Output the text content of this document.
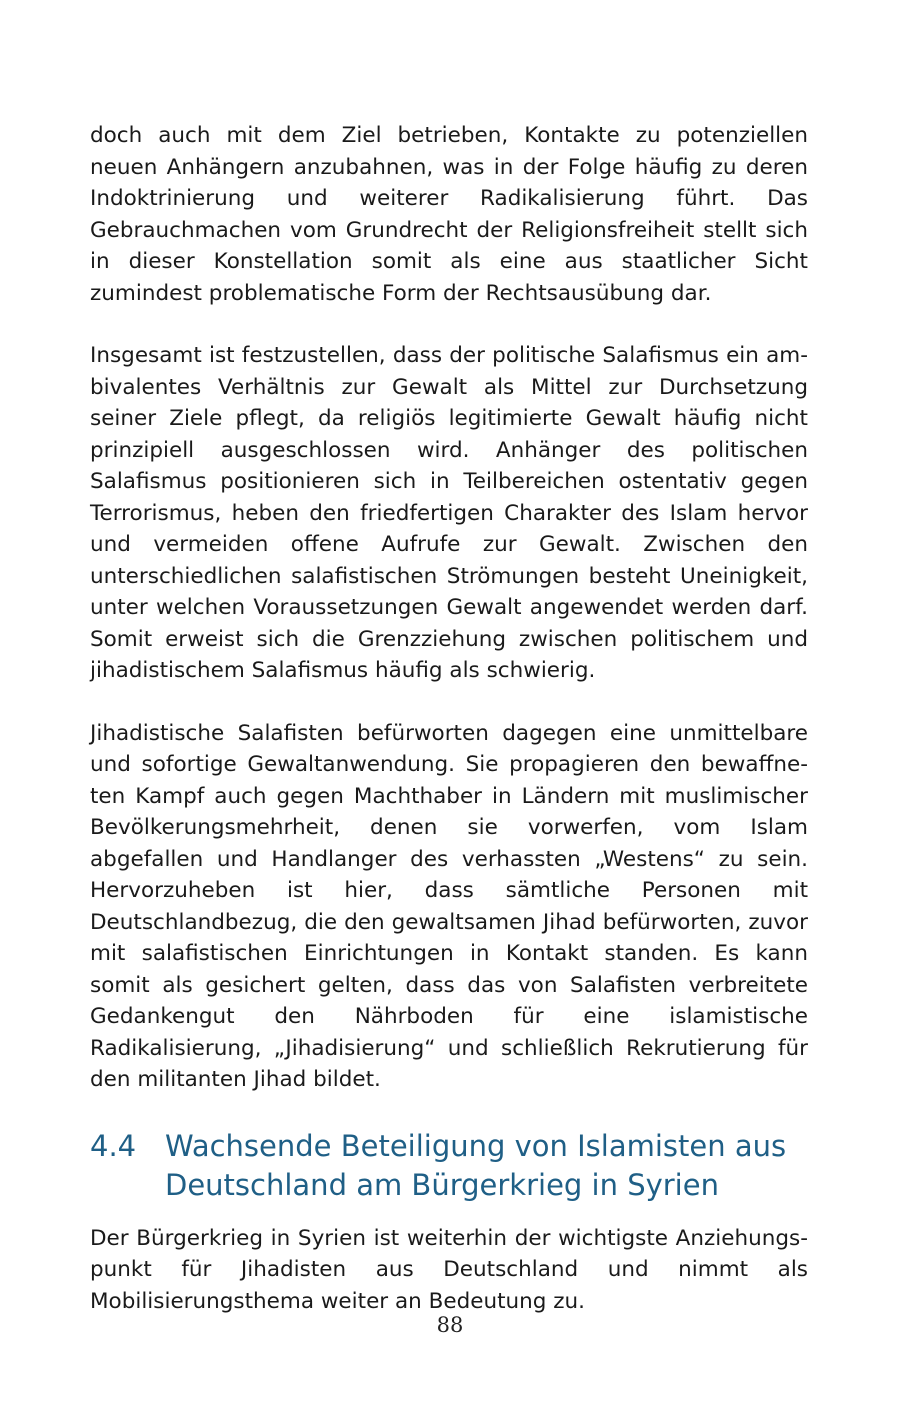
doch auch mit dem Ziel betrieben, Kontakte zu potenziellen neuen Anhängern anzubahnen, was in der Folge häufig zu deren Indoktrinierung und weiterer Radikalisierung führt. Das Gebrauchmachen vom Grundrecht der Religionsfreiheit stellt sich in dieser Konstellation somit als eine aus staatlicher Sicht zumindest problematische Form der Rechtsausübung dar.

Insgesamt ist festzustellen, dass der politische Salafismus ein ambivalentes Verhältnis zur Gewalt als Mittel zur Durchsetzung seiner Ziele pflegt, da religiös legitimierte Gewalt häufig nicht prinzipiell ausgeschlossen wird. Anhänger des politischen Salafismus positionieren sich in Teilbereichen ostentativ gegen Terrorismus, heben den friedfertigen Charakter des Islam hervor und vermeiden offene Aufrufe zur Gewalt. Zwischen den unterschiedlichen salafistischen Strömungen besteht Uneinigkeit, unter welchen Voraussetzungen Gewalt angewendet werden darf. Somit erweist sich die Grenzziehung zwischen politischem und jihadistischem Salafismus häufig als schwierig.

Jihadistische Salafisten befürworten dagegen eine unmittelbare und sofortige Gewaltanwendung. Sie propagieren den bewaffneten Kampf auch gegen Machthaber in Ländern mit muslimischer Bevölkerungsmehrheit, denen sie vorwerfen, vom Islam abgefallen und Handlanger des verhassten „Westens“ zu sein. Hervorzuheben ist hier, dass sämtliche Personen mit Deutschlandbezug, die den gewaltsamen Jihad befürworten, zuvor mit salafistischen Einrichtungen in Kontakt standen. Es kann somit als gesichert gelten, dass das von Salafisten verbreitete Gedankengut den Nährboden für eine islamistische Radikalisierung, „Jihadisierung“ und schließlich Rekrutierung für den militanten Jihad bildet.

4.4 Wachsende Beteiligung von Islamisten aus Deutschland am Bürgerkrieg in Syrien

Der Bürgerkrieg in Syrien ist weiterhin der wichtigste Anziehungspunkt für Jihadisten aus Deutschland und nimmt als Mobilisierungsthema weiter an Bedeutung zu.

88
